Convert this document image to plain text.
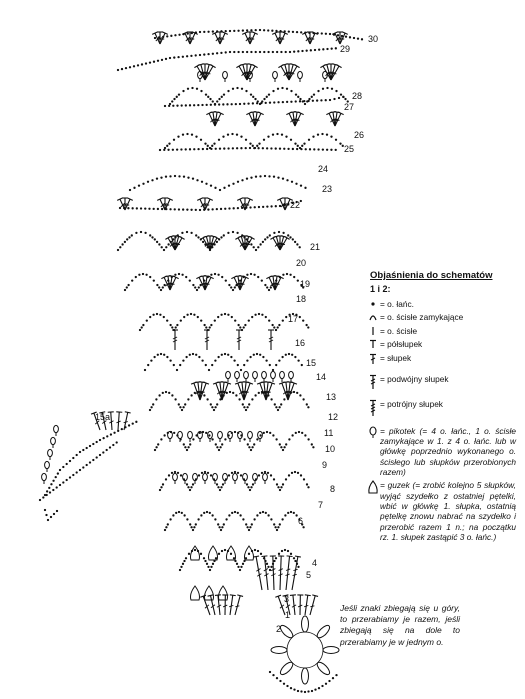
1
2
3
4
5
6
7
8
9
10
11
12
13
14
15
16
17
18
19
20
21
22
23
24
25
26
27
28
29
30
15a
Objaśnienia do schematów
1 i 2:
= o. łańc.
= o. ścisłe zamykające
= o. ścisłe
= półsłupek
= słupek
= podwójny słupek
= potrójny słupek
= pikotek (= 4 o. łańc., 1 o. ścisłe zamykające w 1. z 4 o. łańc. lub w główkę poprzednio wykonanego o. ścisłego lub słupków przerobionych razem)
= guzek (= zrobić kolejno 5 słupków, wyjąć szydełko z ostatniej pętelki, wbić w główkę 1. słupka, ostatnią pętelkę znowu nabrać na szydełko i przerobić razem 1 n.; na początku rz. 1. słupek zastąpić 3 o. łańc.)
Jeśli znaki zbiegają się u góry, to przerabiamy je razem, jeśli zbiegają się na dole to przerabiamy je w jednym o.
